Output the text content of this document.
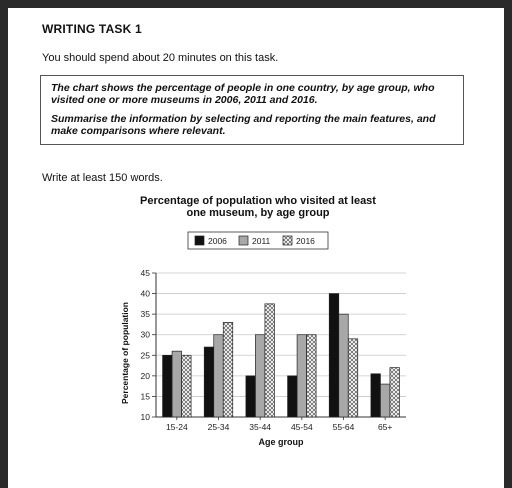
WRITING TASK 1
You should spend about 20 minutes on this task.

The chart shows the percentage of people in one country, by age group, who visited one or more museums in 2006, 2011 and 2016.

Summarise the information by selecting and reporting the main features, and make comparisons where relevant.

Write at least 150 words.
Percentage of population who visited at least
one museum, by age group
10
15
20
25
30
35
40
45
15-24 25-34 35-44 45-54 55-64	65+
Age group
Percentage of population
2006	2011	2016
